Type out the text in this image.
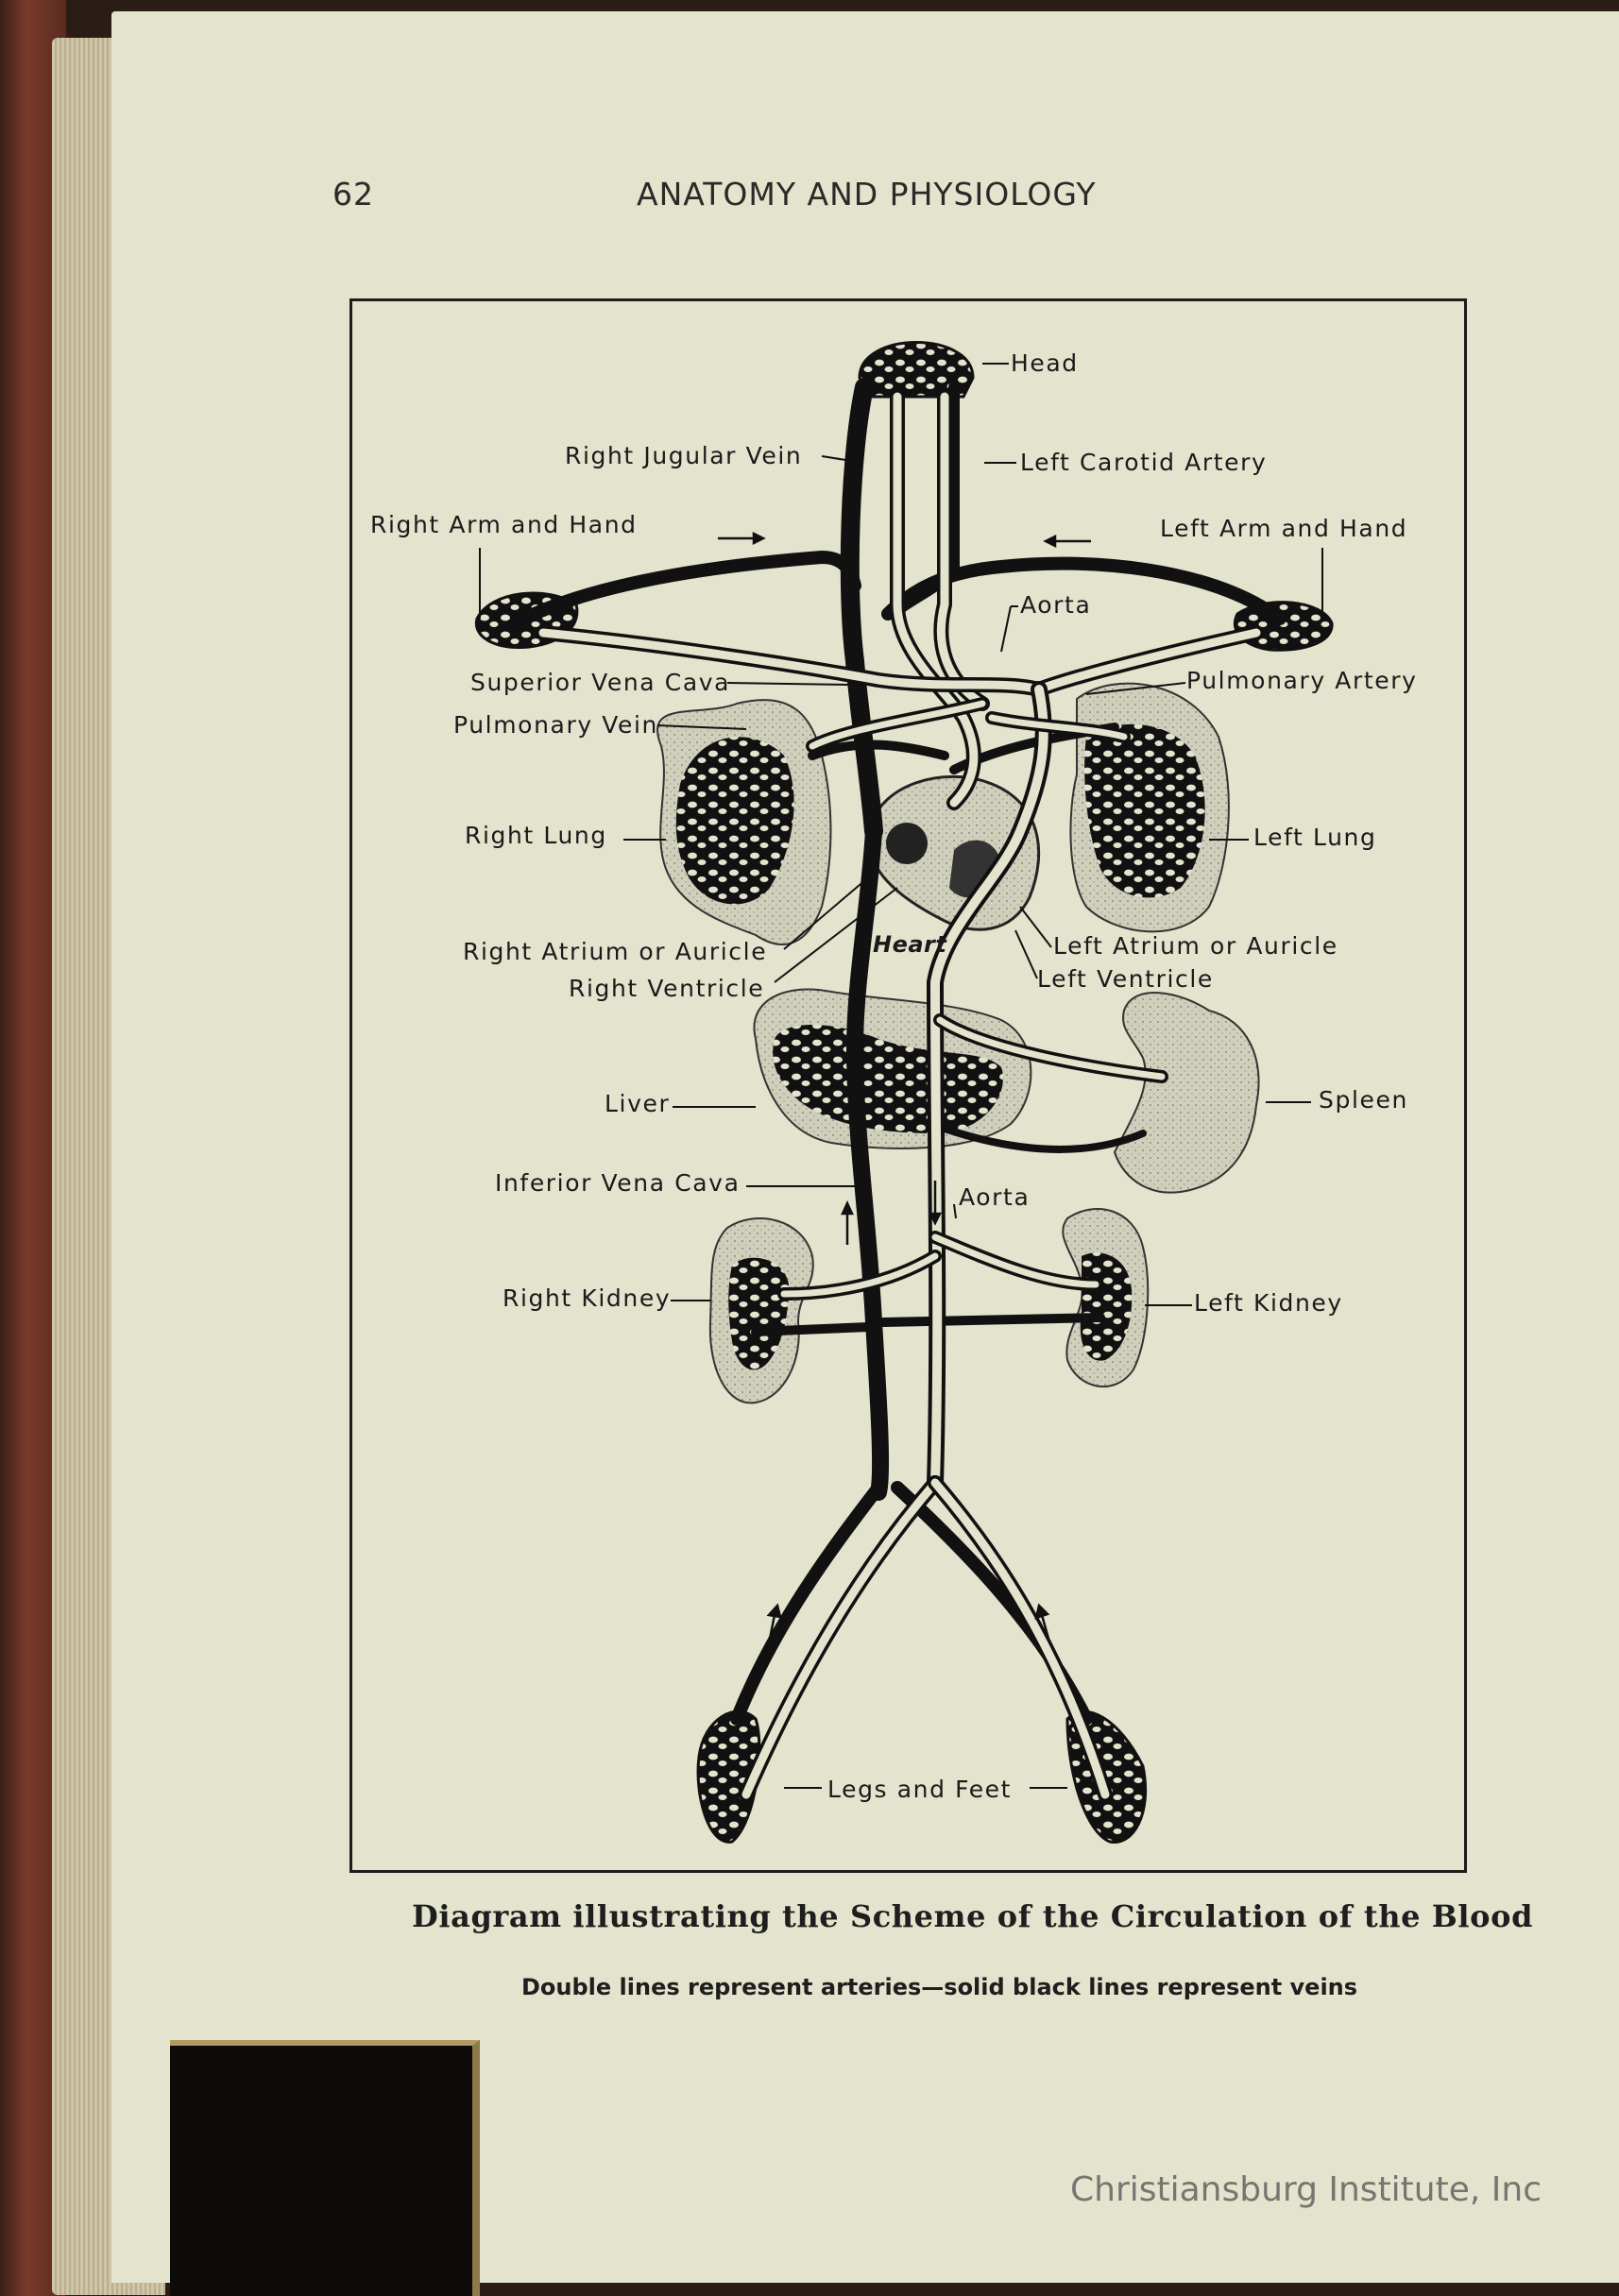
62	ANATOMY AND PHYSIOLOGY
Head
Right Jugular Vein	Left Carotid Artery
Right Arm and Hand	Left Arm and Hand
Aorta
Superior Vena Cava	Pulmonary Artery
Pulmonary Vein
Right Lung	Left Lung
Right Atrium or Auricle	Left Atrium or Auricle
Right Ventricle	Left Ventricle
Heart
Liver	Spleen
Inferior Vena Cava
Aorta
Right Kidney	Left Kidney
Legs and Feet
Diagram illustrating the Scheme of the Circulation of the Blood
Double lines represent arteries—solid black lines represent veins
Christiansburg Institute, Inc
